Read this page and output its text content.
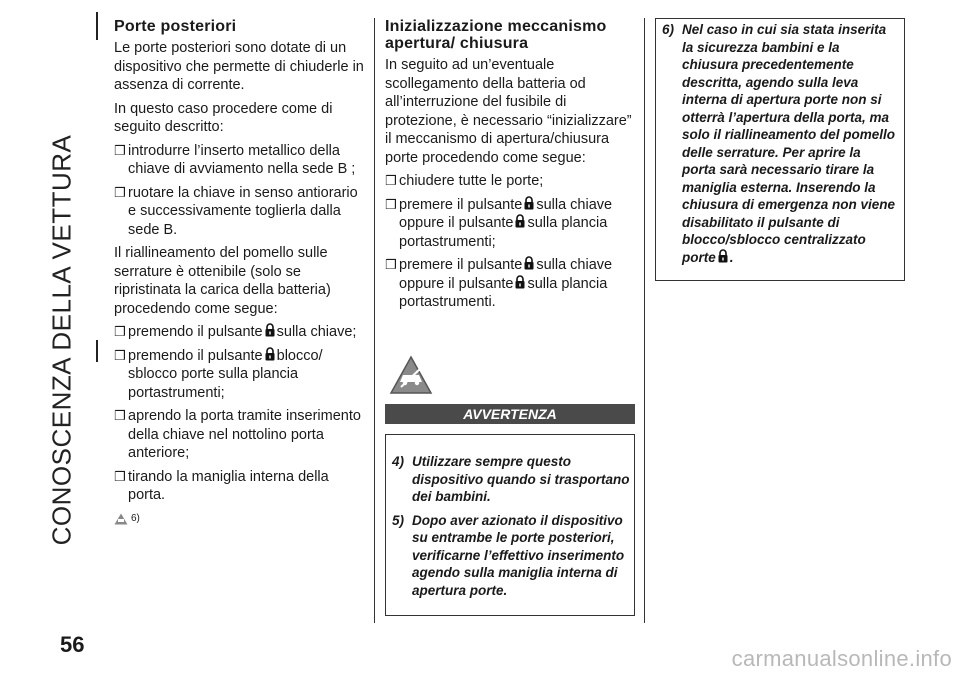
CONOSCENZA DELLA VETTURA
56
Porte posteriori

Le porte posteriori sono dotate di un dispositivo che permette di chiuderle in assenza di corrente.

In questo caso procedere come di seguito descritto:

❒ introdurre l’inserto metallico della chiave di avviamento nella sede B ;
❒ ruotare la chiave in senso antiorario e successivamente toglierla dalla sede B.

Il riallineamento del pomello sulle serrature è ottenibile (solo se ripristinata la carica della batteria) procedendo come segue:

❒ premendo il pulsante sulla chiave;
❒ premendo il pulsante blocco/ sblocco porte sulla plancia portastrumenti;
❒ aprendo la porta tramite inserimento della chiave nel nottolino porta anteriore;
❒ tirando la maniglia interna della porta.
6)
Inizializzazione meccanismo apertura/ chiusura

In seguito ad un’eventuale scollegamento della batteria od all’interruzione del fusibile di protezione, è necessario “inizializzare” il meccanismo di apertura/chiusura porte procedendo come segue:

❒ chiudere tutte le porte;
❒ premere il pulsante sulla chiave oppure il pulsante sulla plancia portastrumenti;
❒ premere il pulsante sulla chiave oppure il pulsante sulla plancia portastrumenti.
AVVERTENZA
4) Utilizzare sempre questo dispositivo quando si trasportano dei bambini.
5) Dopo aver azionato il dispositivo su entrambe le porte posteriori, verificarne l’effettivo inserimento agendo sulla maniglia interna di apertura porte.
6) Nel caso in cui sia stata inserita la sicurezza bambini e la chiusura precedentemente descritta, agendo sulla leva interna di apertura porte non si otterrà l’apertura della porta, ma solo il riallineamento del pomello delle serrature. Per aprire la porta sarà necessario tirare la maniglia esterna. Inserendo la chiusura di emergenza non viene disabilitato il pulsante di blocco/sblocco centralizzato porte .
carmanualsonline.info
